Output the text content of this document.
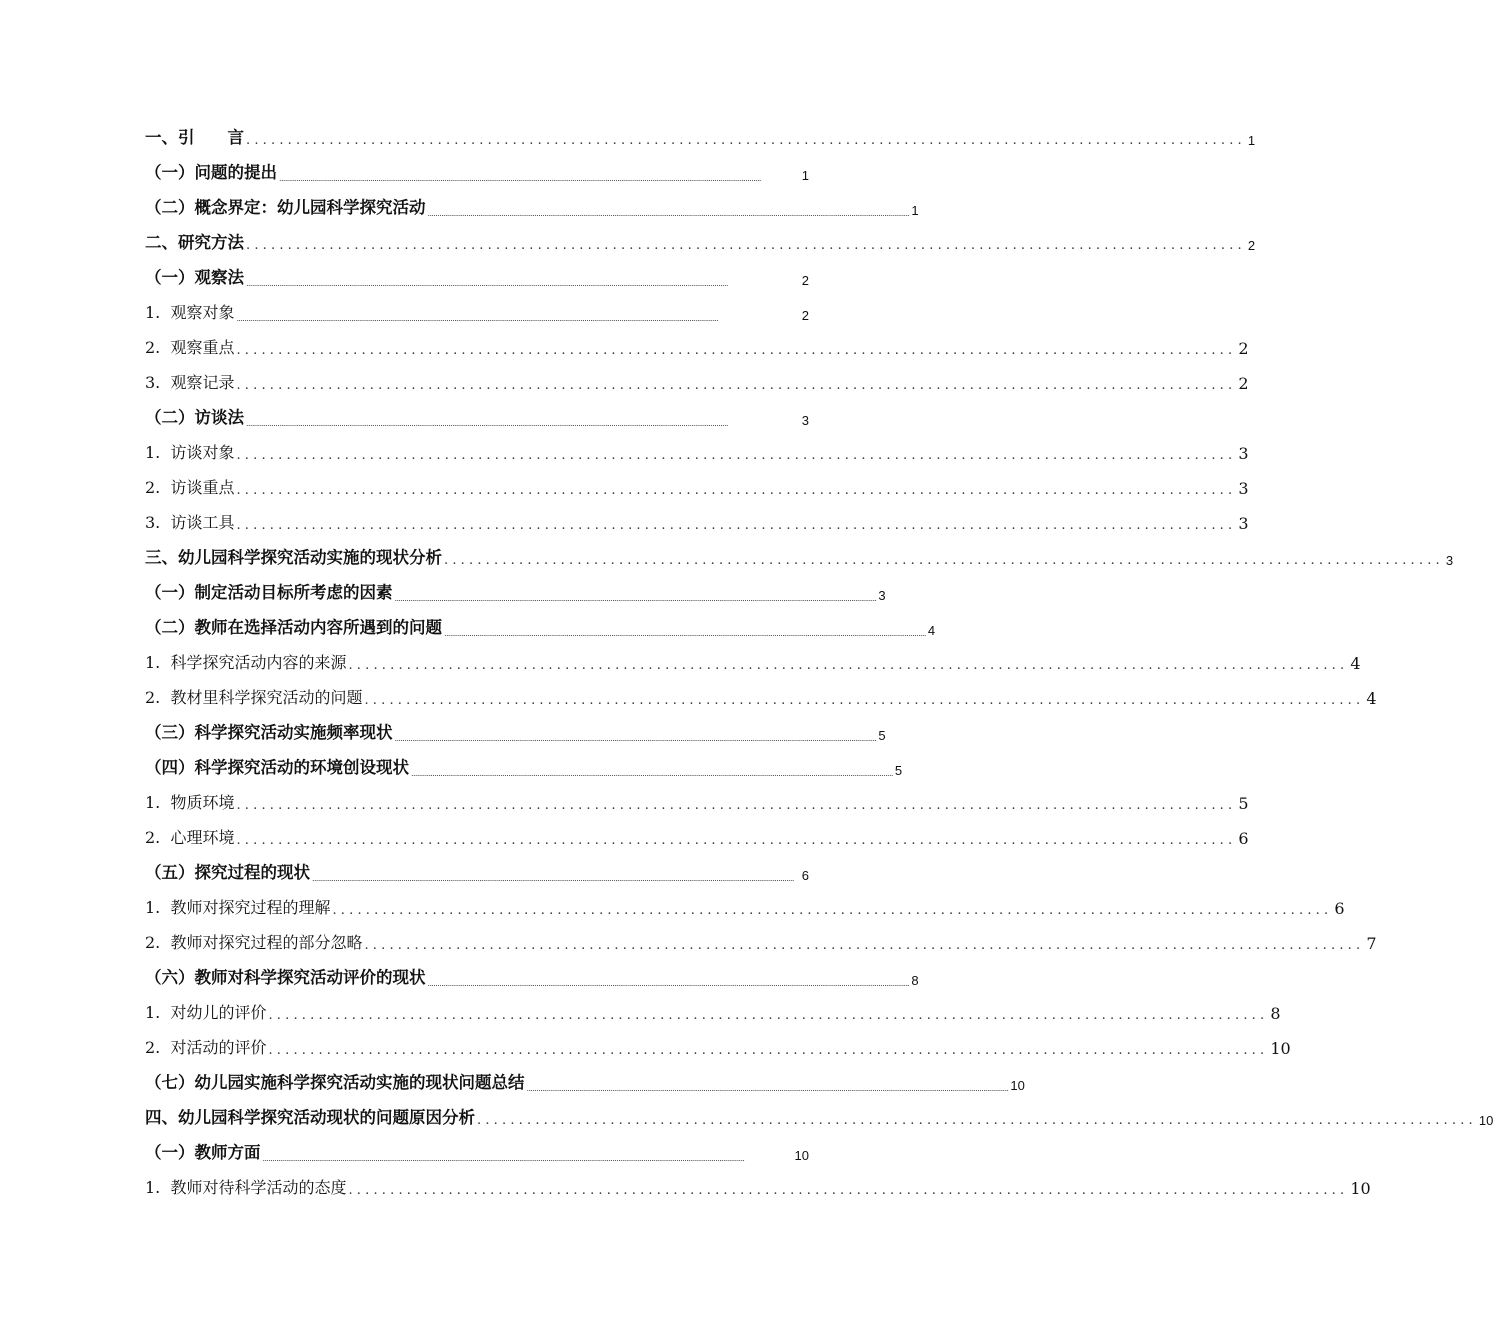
一、引　　言 ........................................................................................................................ 1
（一）问题的提出 ........................................................................................................................................................................................................................................................	1
（二）概念界定：幼儿园科学探究活动 ........................................................................................................................................................................................................................................................ 1
二、研究方法 ........................................................................................................................ 2
（一）观察法 ........................................................................................................................................................................................................................................................	2
1.  观察对象 ........................................................................................................................................................................................................................................................	2
2.  观察重点 ........................................................................................................................ 2
3.  观察记录 ........................................................................................................................ 2
（二）访谈法 ........................................................................................................................................................................................................................................................	3
1.  访谈对象 ........................................................................................................................ 3
2.  访谈重点 ........................................................................................................................ 3
3.  访谈工具 ........................................................................................................................ 3
三、幼儿园科学探究活动实施的现状分析 ........................................................................................................................ 3
（一）制定活动目标所考虑的因素 ........................................................................................................................................................................................................................................................ 3
（二）教师在选择活动内容所遇到的问题 ........................................................................................................................................................................................................................................................ 4
1.  科学探究活动内容的来源 ........................................................................................................................ 4
2.  教材里科学探究活动的问题 ........................................................................................................................ 4
（三）科学探究活动实施频率现状 ........................................................................................................................................................................................................................................................ 5
（四）科学探究活动的环境创设现状 ........................................................................................................................................................................................................................................................ 5
1.  物质环境 ........................................................................................................................ 5
2.  心理环境 ........................................................................................................................ 6
（五）探究过程的现状 ........................................................................................................................................................................................................................................................ 6
1.  教师对探究过程的理解 ........................................................................................................................ 6
2.  教师对探究过程的部分忽略 ........................................................................................................................ 7
（六）教师对科学探究活动评价的现状 ........................................................................................................................................................................................................................................................ 8
1.  对幼儿的评价 ........................................................................................................................ 8
2.  对活动的评价 ........................................................................................................................ 10
（七）幼儿园实施科学探究活动实施的现状问题总结 ........................................................................................................................................................................................................................................................ 10
四、幼儿园科学探究活动现状的问题原因分析 ........................................................................................................................ 10
（一）教师方面 ........................................................................................................................................................................................................................................................	10
1.  教师对待科学活动的态度 ........................................................................................................................ 10
